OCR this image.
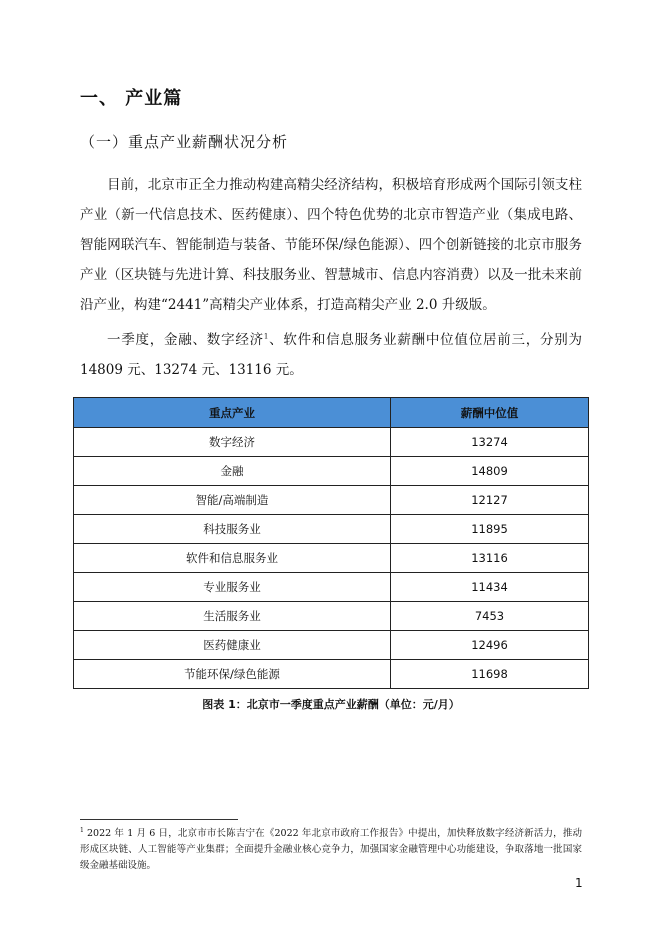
一、 产业篇
（一）重点产业薪酬状况分析

目前，北京市正全力推动构建高精尖经济结构，积极培育形成两个国际引领支柱产业（新一代信息技术、医药健康）、四个特色优势的北京市智造产业（集成电路、智能网联汽车、智能制造与装备、节能环保/绿色能源）、四个创新链接的北京市服务产业（区块链与先进计算、科技服务业、智慧城市、信息内容消费）以及一批未来前沿产业，构建“2441”高精尖产业体系，打造高精尖产业 2.0 升级版。

一季度，金融、数字经济$^1$、软件和信息服务业薪酬中位值位居前三，分别为 14809 元、13274 元、13116 元。

重点产业	薪酬中位值
数字经济	13274
金融	14809
智能/高端制造	12127
科技服务业	11895
软件和信息服务业	13116
专业服务业	11434
生活服务业	7453
医药健康业	12496
节能环保/绿色能源	11698
图表 1：北京市一季度重点产业薪酬（单位：元/月）

$^1$ 2022 年 1 月 6 日，北京市市长陈吉宁在《2022 年北京市政府工作报告》中提出，加快释放数字经济新活力，推动形成区块链、人工智能等产业集群；全面提升金融业核心竞争力，加强国家金融管理中心功能建设，争取落地一批国家级金融基础设施。

1
